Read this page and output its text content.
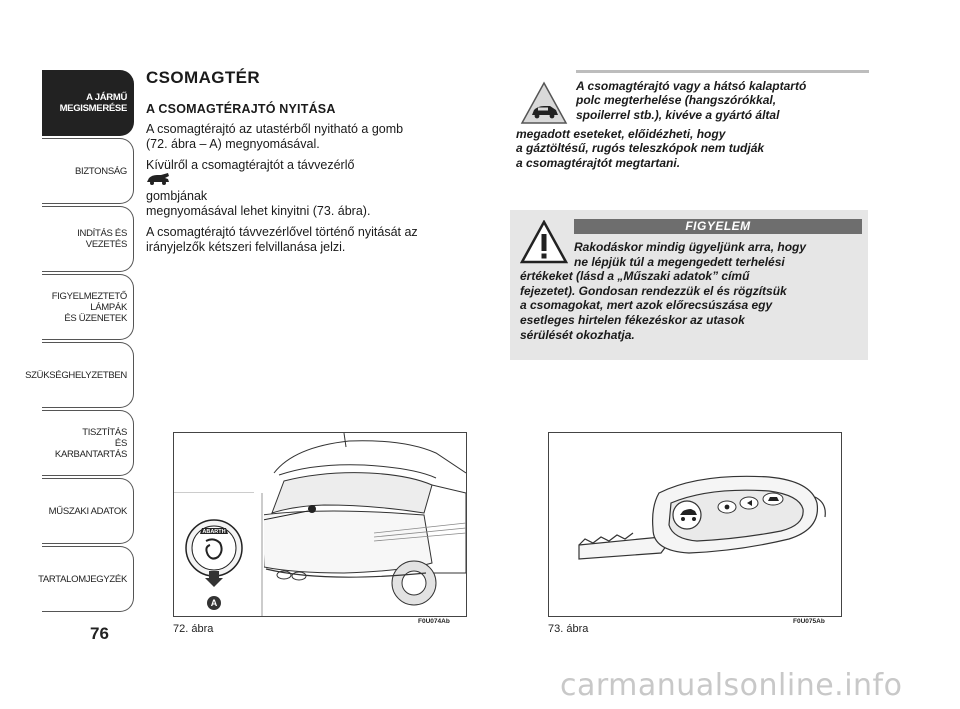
A JÁRMŰ
MEGISMERÉSE
BIZTONSÁG
INDÍTÁS ÉS VEZETÉS
FIGYELMEZTETŐ
LÁMPÁK
ÉS ÜZENETEK
SZÜKSÉGHELYZETBEN
TISZTÍTÁS
ÉS KARBANTARTÁS
MŰSZAKI ADATOK
TARTALOMJEGYZÉK
76
CSOMAGTÉR
A CSOMAGTÉRAJTÓ NYITÁSA
A csomagtérajtó az utastérből nyitható a gomb
(72. ábra – A) megnyomásával.
Kívülről a csomagtérajtót a távvezérlő

gombjának
megnyomásával lehet kinyitni (73. ábra).
A csomagtérajtó távvezérlővel történő nyitását az
irányjelzők kétszeri felvillanása jelzi.
A csomagtérajtó vagy a hátsó kalaptartó
polc megterhelése (hangszórókkal,
spoilerrel stb.), kivéve a gyártó által
megadott eseteket, előidézheti, hogy
a gáztöltésű, rugós teleszkópok nem tudják
a csomagtérajtót megtartani.
FIGYELEM
Rakodáskor mindig ügyeljünk arra, hogy
ne lépjük túl a megengedett terhelési
értékeket (lásd a „Műszaki adatok” című
fejezetet). Gondosan rendezzük el és rögzítsük
a csomagokat, mert azok előrecsúszása egy
esetleges hirtelen fékezéskor az utasok
sérülését okozhatja.
ABARTH
A
72. ábra
F0U074Ab
73. ábra
F0U075Ab
carmanualsonline.info
